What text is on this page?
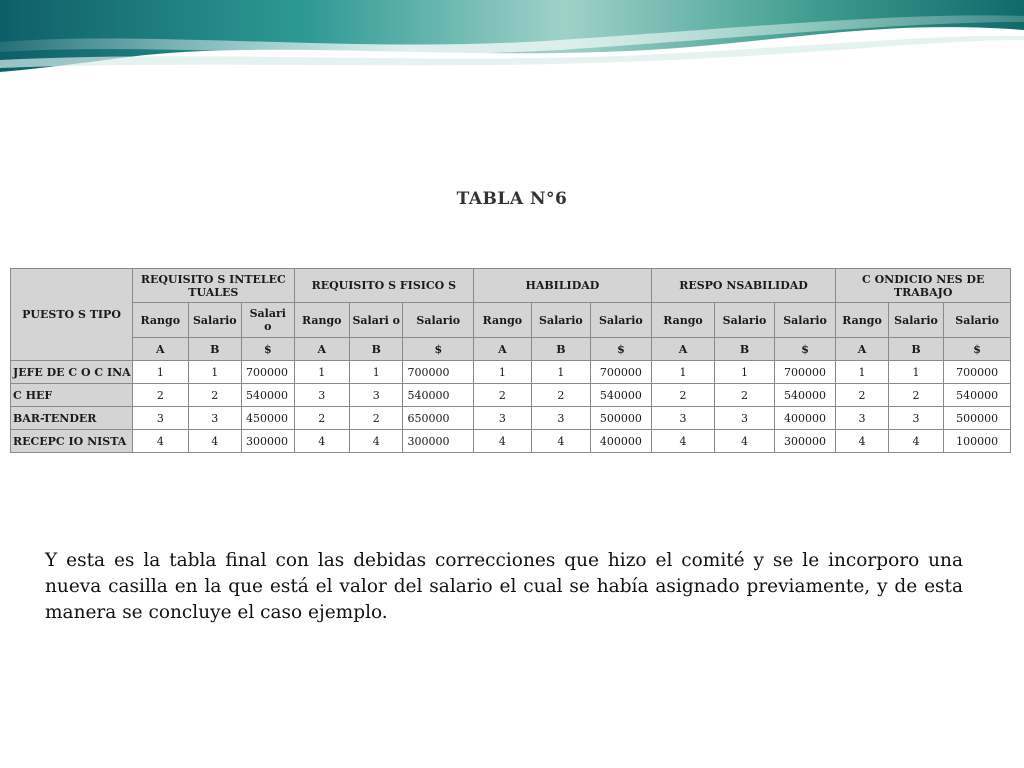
TABLA N°6
PUESTO S TIPO	REQUISITO S INTELEC TUALES			REQUISITO S FISICO S			HABILIDAD			RESPO NSABILIDAD			C ONDICIO NES DE TRABAJO		
	Rango	Salario	Salari o	Rango	Salari o	Salario	Rango	Salario	Salario	Rango	Salario	Salario	Rango	Salario	Salario
	A	B	$	A	B	$	A	B	$	A	B	$	A	B	$
JEFE DE C O C INA	1	1	700000	1	1	700000	1	1	700000	1	1	700000	1	1	700000
C HEF	2	2	540000	3	3	540000	2	2	540000	2	2	540000	2	2	540000
BAR-TENDER	3	3	450000	2	2	650000	3	3	500000	3	3	400000	3	3	500000
RECEPC IO NISTA	4	4	300000	4	4	300000	4	4	400000	4	4	300000	4	4	100000

Y esta es la tabla final con las debidas correcciones que hizo el comité y se le incorporo una nueva casilla en la que está el valor del salario el cual se había asignado previamente, y de esta manera se concluye el caso ejemplo.
